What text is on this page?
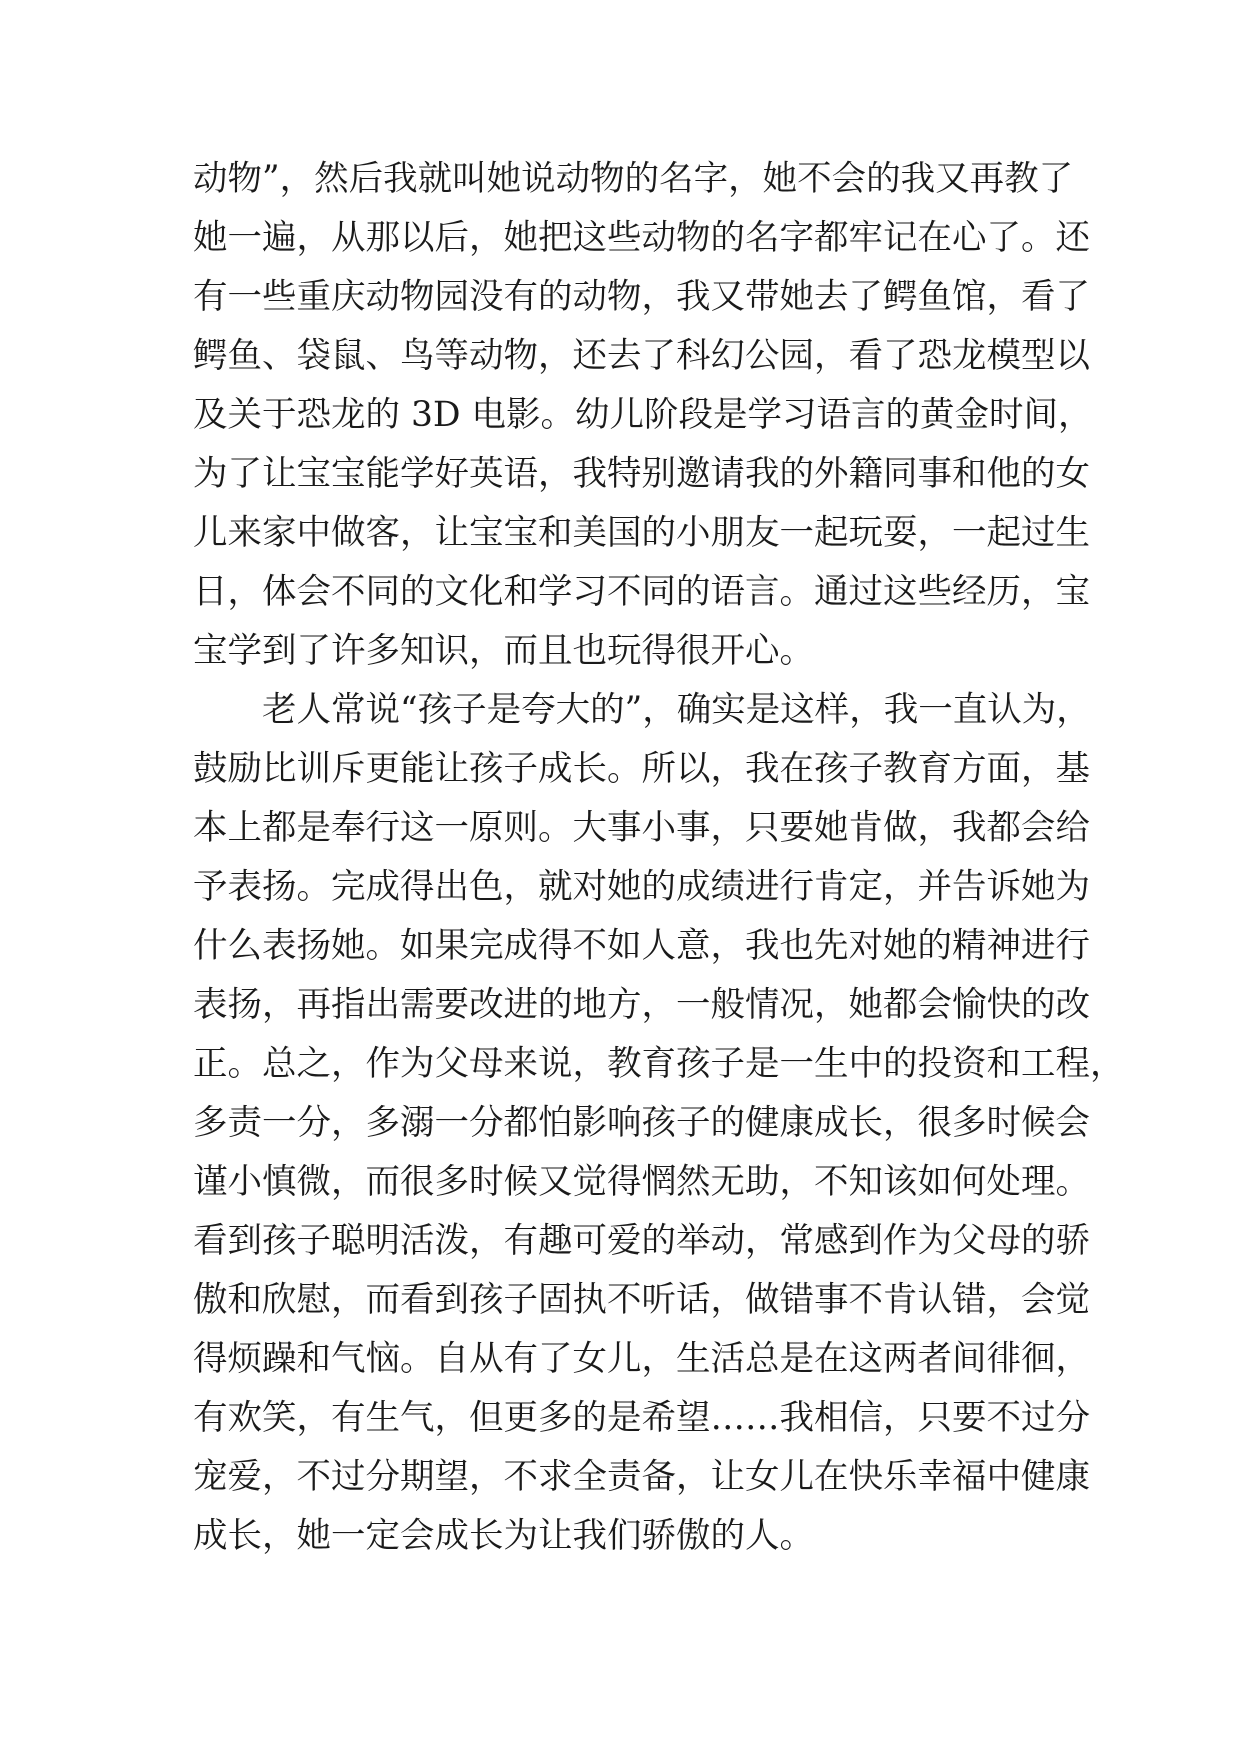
动物”，然后我就叫她说动物的名字，她不会的我又再教了
她一遍，从那以后，她把这些动物的名字都牢记在心了。还
有一些重庆动物园没有的动物，我又带她去了鳄鱼馆，看了
鳄鱼、袋鼠、鸟等动物，还去了科幻公园，看了恐龙模型以
及关于恐龙的 3D 电影。幼儿阶段是学习语言的黄金时间，
为了让宝宝能学好英语，我特别邀请我的外籍同事和他的女
儿来家中做客，让宝宝和美国的小朋友一起玩耍，一起过生
日，体会不同的文化和学习不同的语言。通过这些经历，宝
宝学到了许多知识，而且也玩得很开心。
老人常说“孩子是夸大的”，确实是这样，我一直认为，
鼓励比训斥更能让孩子成长。所以，我在孩子教育方面，基
本上都是奉行这一原则。大事小事，只要她肯做，我都会给
予表扬。完成得出色，就对她的成绩进行肯定，并告诉她为
什么表扬她。如果完成得不如人意，我也先对她的精神进行
表扬，再指出需要改进的地方，一般情况，她都会愉快的改
正。总之，作为父母来说，教育孩子是一生中的投资和工程，
多责一分，多溺一分都怕影响孩子的健康成长，很多时候会
谨小慎微，而很多时候又觉得惘然无助，不知该如何处理。
看到孩子聪明活泼，有趣可爱的举动，常感到作为父母的骄
傲和欣慰，而看到孩子固执不听话，做错事不肯认错，会觉
得烦躁和气恼。自从有了女儿，生活总是在这两者间徘徊，
有欢笑，有生气，但更多的是希望……我相信，只要不过分
宠爱，不过分期望，不求全责备，让女儿在快乐幸福中健康
成长，她一定会成长为让我们骄傲的人。
